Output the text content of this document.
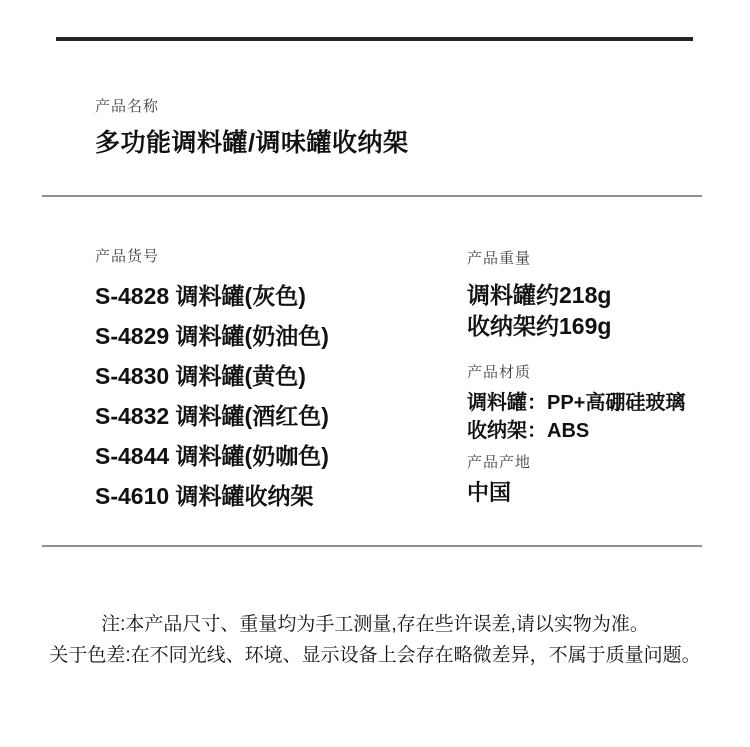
产品名称
多功能调料罐/调味罐收纳架
产品货号
S-4828 调料罐(灰色)
S-4829 调料罐(奶油色)
S-4830 调料罐(黄色)
S-4832 调料罐(酒红色)
S-4844 调料罐(奶咖色)
S-4610 调料罐收纳架
产品重量
调料罐约218g
收纳架约169g
产品材质
调料罐：PP+高硼硅玻璃
收纳架：ABS
产品产地
中国
注:本产品尺寸、重量均为手工测量,存在些许误差,请以实物为准。
关于色差:在不同光线、环境、显示设备上会存在略微差异，不属于质量问题。
